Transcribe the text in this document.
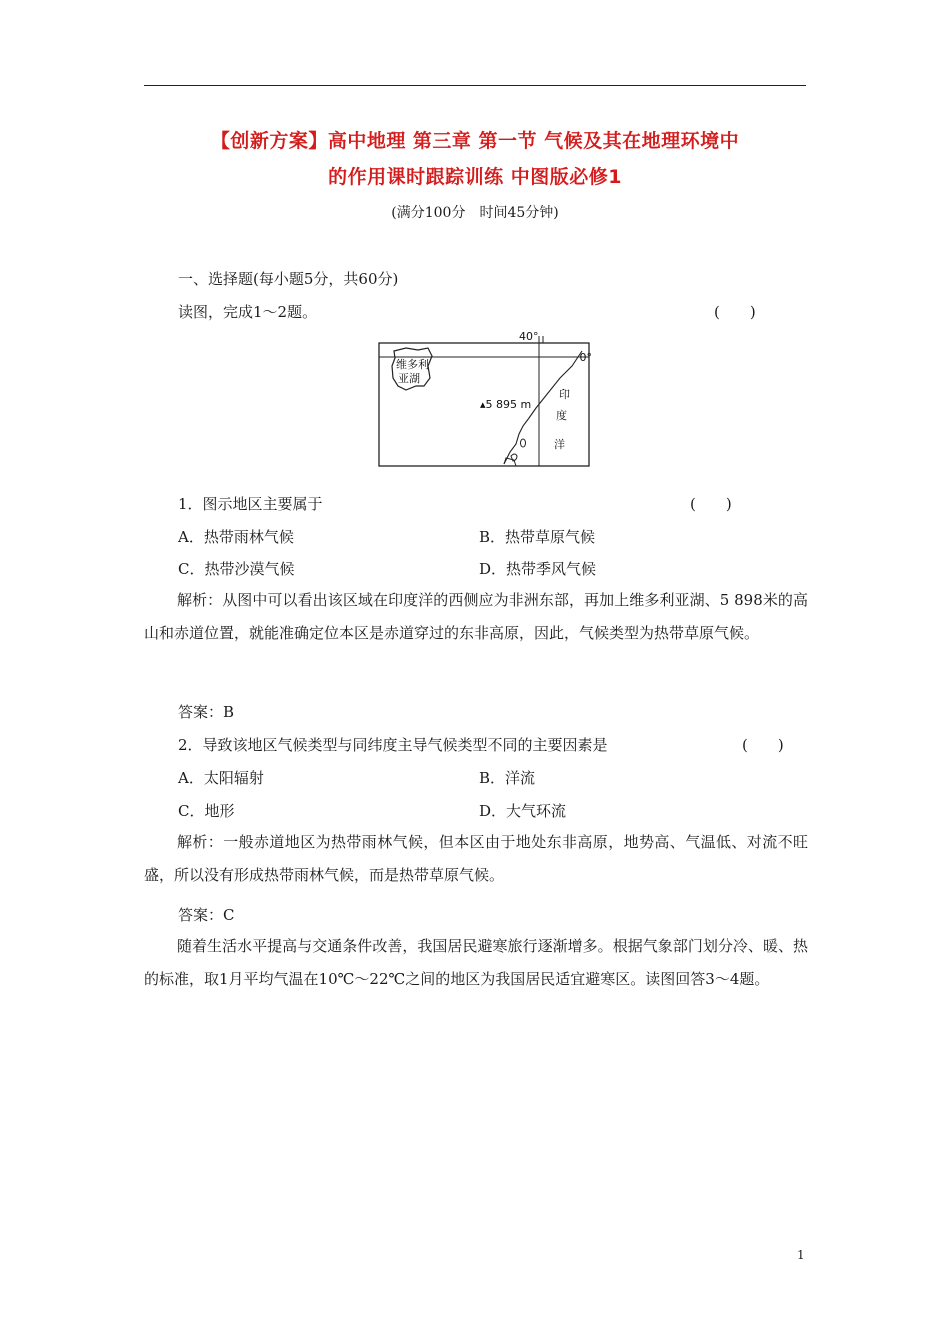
【创新方案】高中地理 第三章 第一节 气候及其在地理环境中
的作用课时跟踪训练 中图版必修1
(满分100分　时间45分钟)
一、选择题(每小题5分，共60分)
读图，完成1～2题。	(　　)
40°
0°
维多利
亚湖
▴5 895 m
印
度
洋
1．图示地区主要属于	(　　)
A．热带雨林气候	B．热带草原气候
C．热带沙漠气候	D．热带季风气候
解析：从图中可以看出该区域在印度洋的西侧应为非洲东部，再加上维多利亚湖、5 898米的高山和赤道位置，就能准确定位本区是赤道穿过的东非高原，因此，气候类型为热带草原气候。
答案：B
2．导致该地区气候类型与同纬度主导气候类型不同的主要因素是	(　　)
A．太阳辐射	B．洋流
C．地形	D．大气环流
解析：一般赤道地区为热带雨林气候，但本区由于地处东非高原，地势高、气温低、对流不旺盛，所以没有形成热带雨林气候，而是热带草原气候。
答案：C
随着生活水平提高与交通条件改善，我国居民避寒旅行逐渐增多。根据气象部门划分冷、暖、热的标准，取1月平均气温在10℃～22℃之间的地区为我国居民适宜避寒区。读图回答3～4题。
1
